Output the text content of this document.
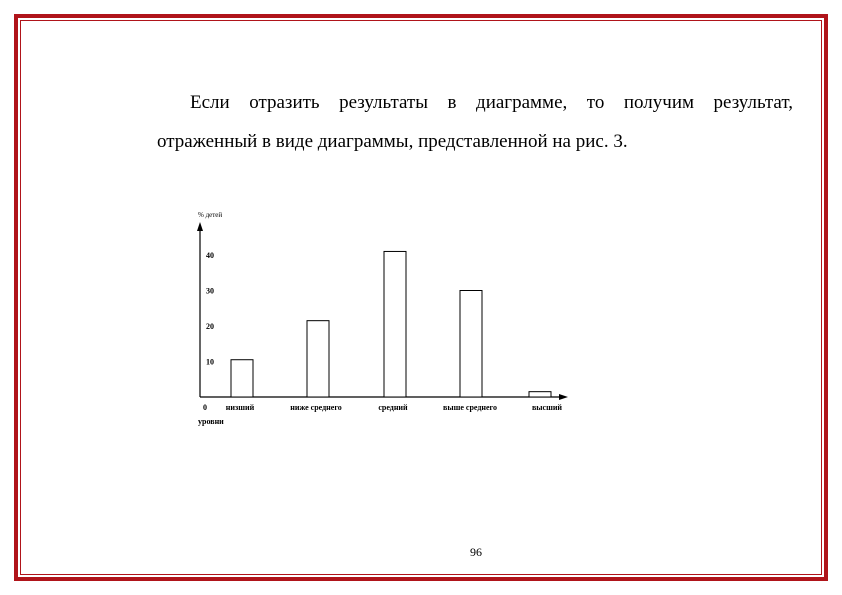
Если отразить результаты в диаграмме, то получим результат, отраженный в виде диаграммы, представленной на рис. 3.

% детей
10
20
30
40
0 низший	ниже среднего	средний	выше среднего	высший
уровни
96
